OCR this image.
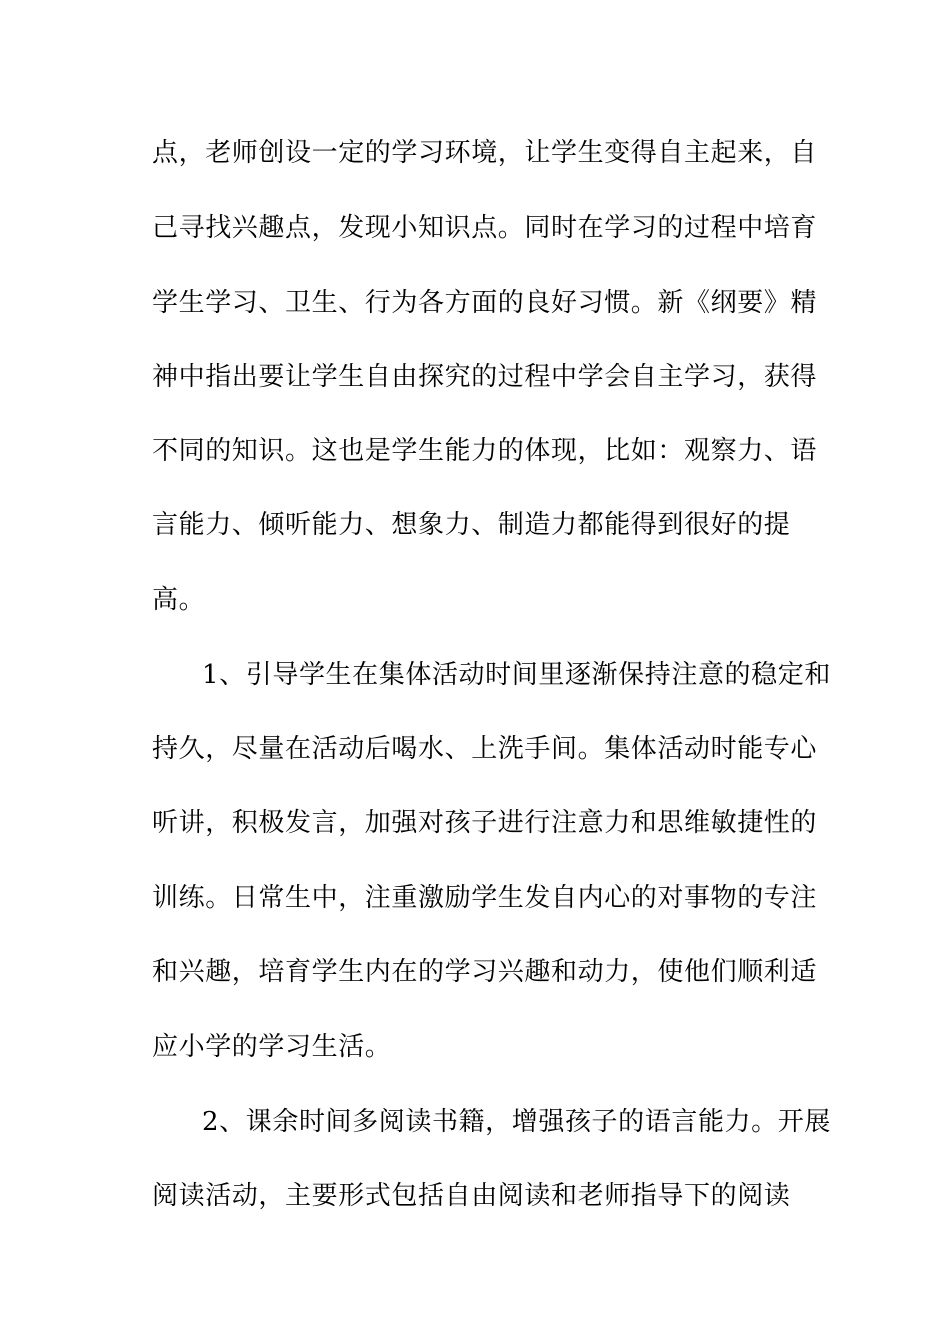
点，老师创设一定的学习环境，让学生变得自主起来，自
己寻找兴趣点，发现小知识点。同时在学习的过程中培育
学生学习、卫生、行为各方面的良好习惯。新《纲要》精
神中指出要让学生自由探究的过程中学会自主学习，获得
不同的知识。这也是学生能力的体现，比如：观察力、语
言能力、倾听能力、想象力、制造力都能得到很好的提
高。
1、引导学生在集体活动时间里逐渐保持注意的稳定和
持久，尽量在活动后喝水、上洗手间。集体活动时能专心
听讲，积极发言，加强对孩子进行注意力和思维敏捷性的
训练。日常生中，注重激励学生发自内心的对事物的专注
和兴趣，培育学生内在的学习兴趣和动力，使他们顺利适
应小学的学习生活。
2、课余时间多阅读书籍，增强孩子的语言能力。开展
阅读活动，主要形式包括自由阅读和老师指导下的阅读
